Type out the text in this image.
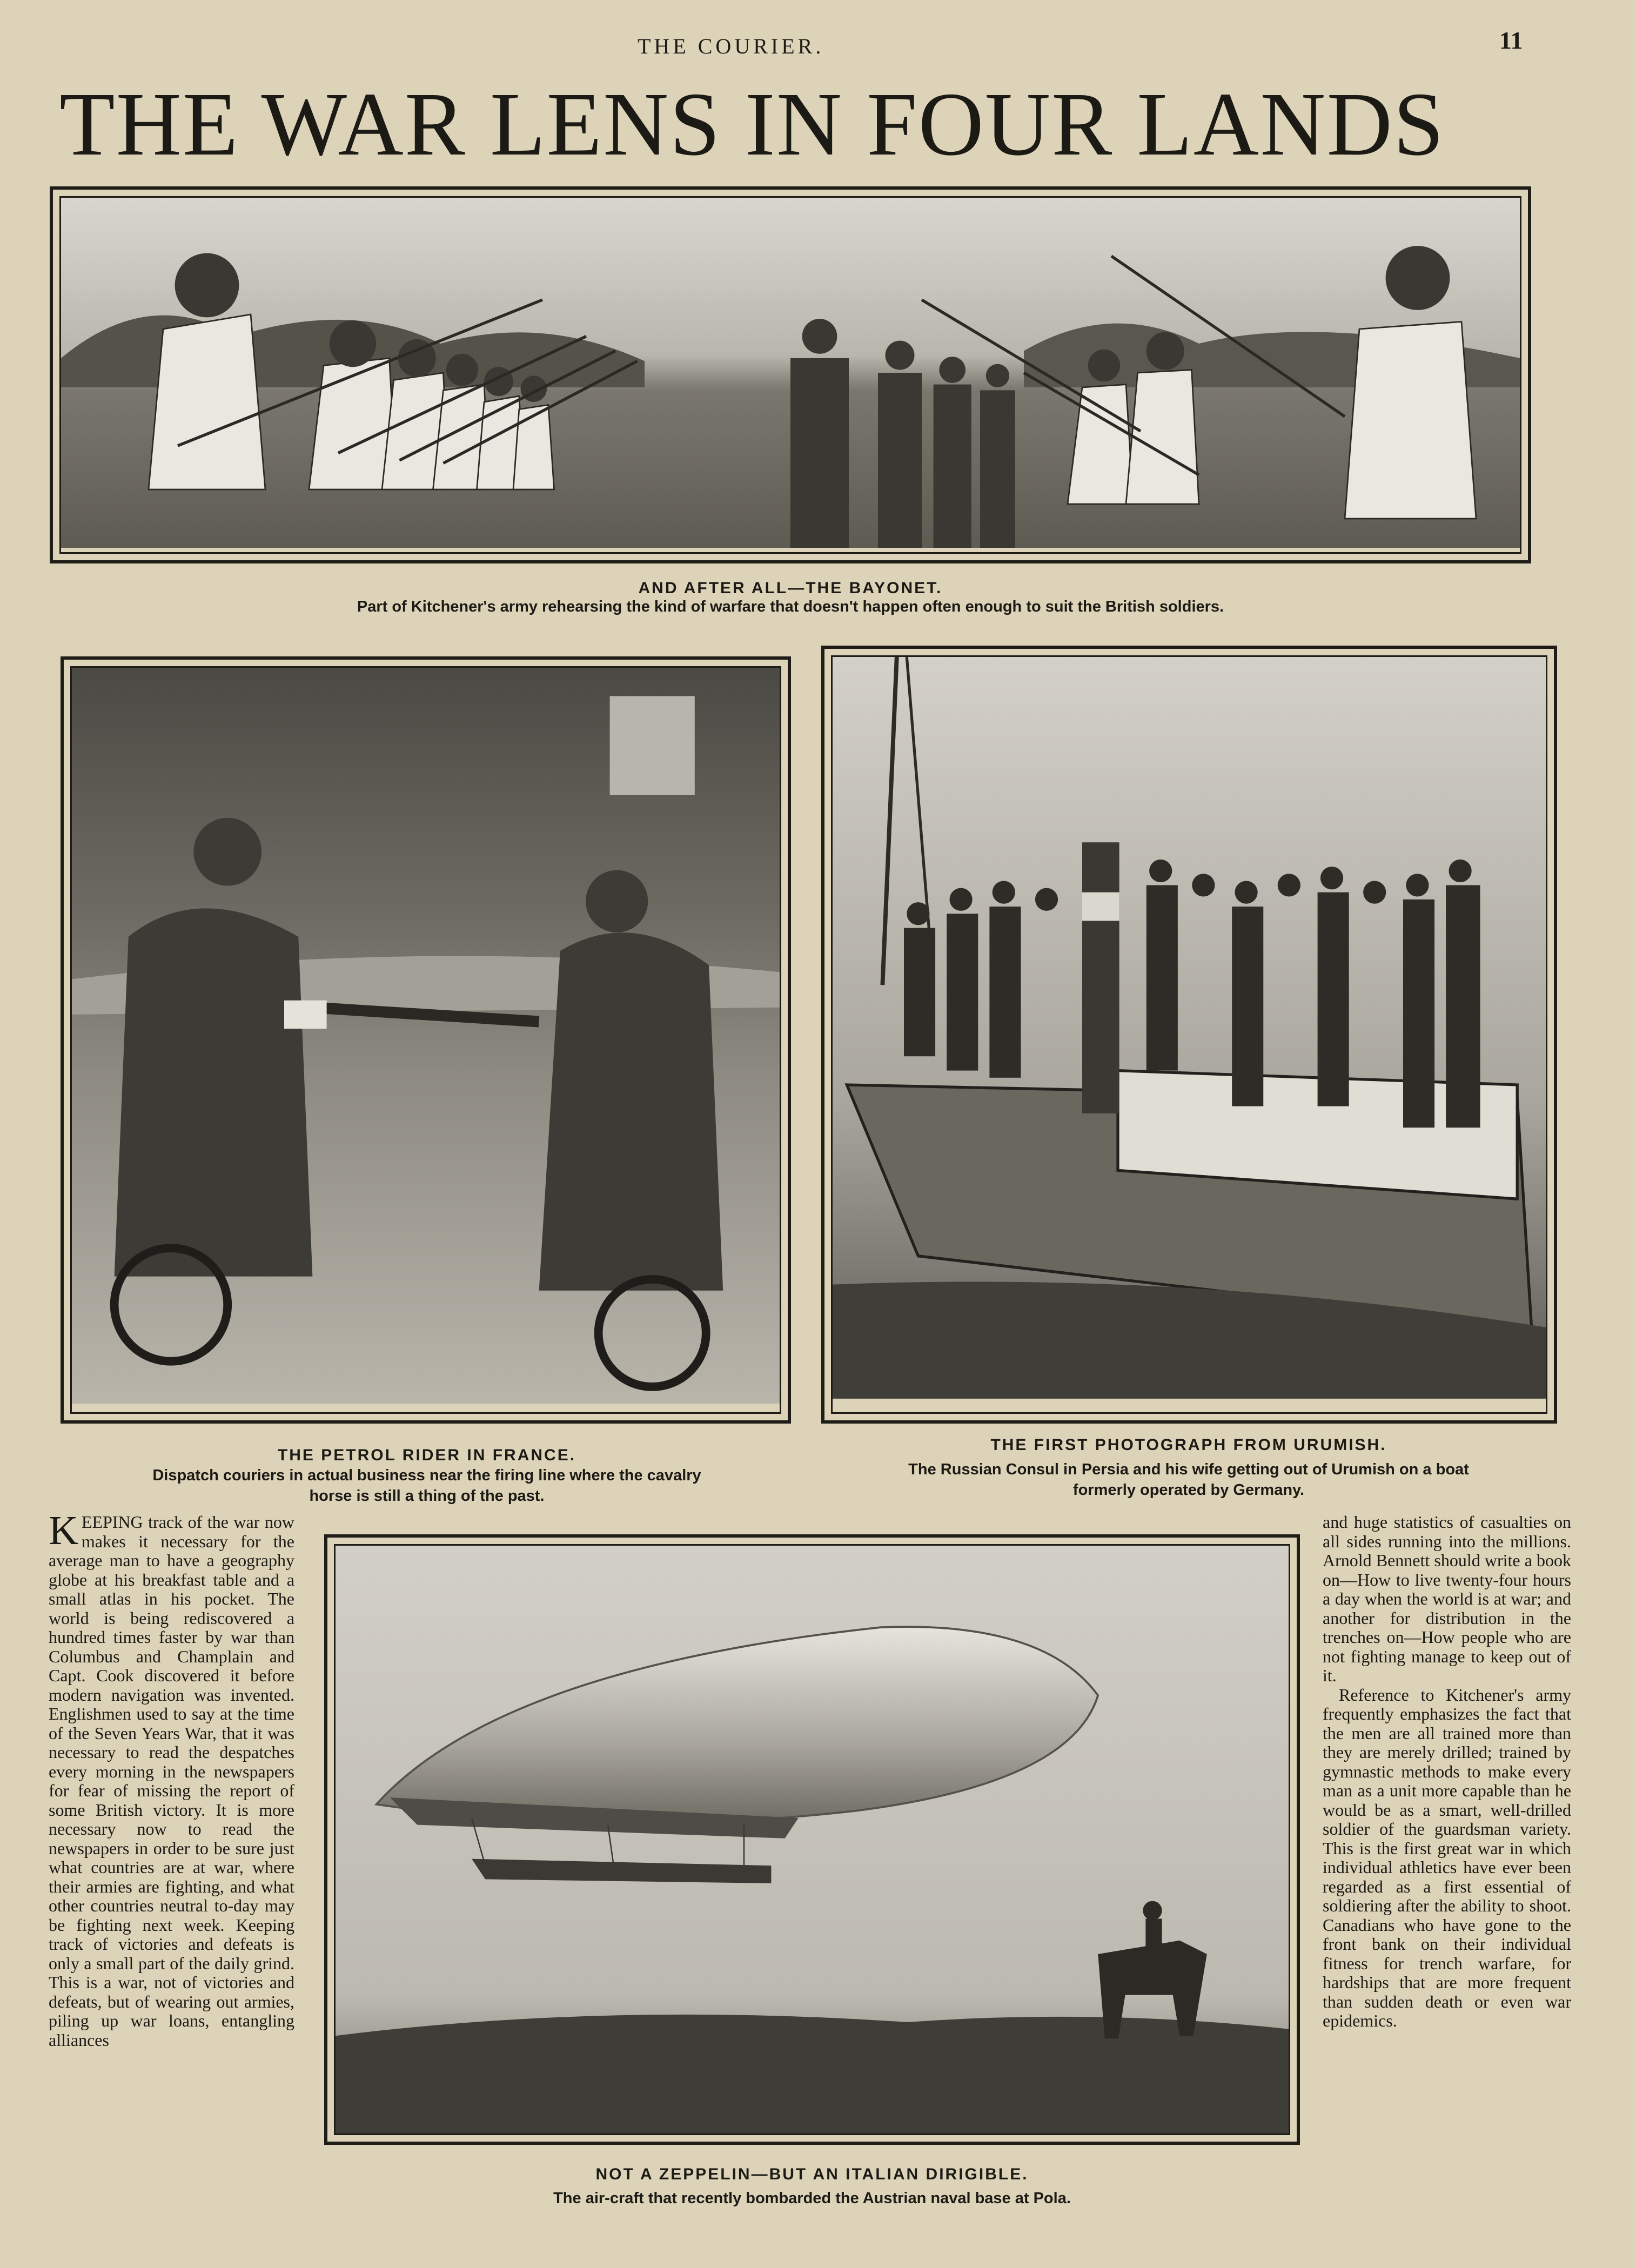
THE COURIER.	11
THE WAR LENS IN FOUR LANDS
AND AFTER ALL—THE BAYONET.
Part of Kitchener's army rehearsing the kind of warfare that doesn't happen often enough to suit the British soldiers.
THE PETROL RIDER IN FRANCE.
Dispatch couriers in actual business near the firing line where the cavalry
horse is still a thing of the past.
THE FIRST PHOTOGRAPH FROM URUMISH.
The Russian Consul in Persia and his wife getting out of Urumish on a boat
formerly operated by Germany.
NOT A ZEPPELIN—BUT AN ITALIAN DIRIGIBLE.
The air-craft that recently bombarded the Austrian naval base at Pola.

KEEPING track of the war now makes it necessary for the average man to have a geography globe at his breakfast table and a small atlas in his pocket. The world is being rediscovered a hundred times faster by war than Columbus and Champlain and Capt. Cook discovered it before modern navigation was invented. Englishmen used to say at the time of the Seven Years War, that it was necessary to read the despatches every morning in the newspapers for fear of missing the report of some British victory. It is more necessary now to read the newspapers in order to be sure just what countries are at war, where their armies are fighting, and what other countries neutral to-day may be fighting next week. Keeping track of victories and defeats is only a small part of the daily grind. This is a war, not of victories and defeats, but of wearing out armies, piling up war loans, entangling alliances

and huge statistics of casualties on all sides running into the millions. Arnold Bennett should write a book on—How to live twenty-four hours a day when the world is at war; and another for distribution in the trenches on—How people who are not fighting manage to keep out of it.

Reference to Kitchener's army frequently emphasizes the fact that the men are all trained more than they are merely drilled; trained by gymnastic methods to make every man as a unit more capable than he would be as a smart, well-drilled soldier of the guardsman variety. This is the first great war in which individual athletics have ever been regarded as a first essential of soldiering after the ability to shoot. Canadians who have gone to the front bank on their individual fitness for trench warfare, for hardships that are more frequent than sudden death or even war epidemics.
